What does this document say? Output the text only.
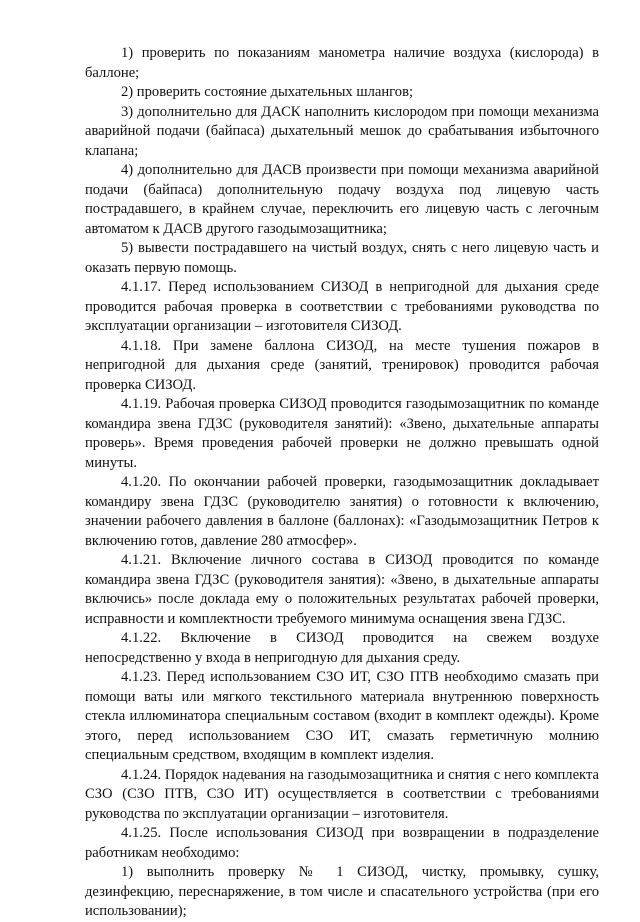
1) проверить по показаниям манометра наличие воздуха (кислорода) в баллоне;

2) проверить состояние дыхательных шлангов;

3) дополнительно для ДАСК наполнить кислородом при помощи механизма аварийной подачи (байпаса) дыхательный мешок до срабатывания избыточного клапана;

4) дополнительно для ДАСВ произвести при помощи механизма аварийной подачи (байпаса) дополнительную подачу воздуха под лицевую часть пострадавшего, в крайнем случае, переключить его лицевую часть с легочным автоматом к ДАСВ другого газодымозащитника;

5) вывести пострадавшего на чистый воздух, снять с него лицевую часть и оказать первую помощь.

4.1.17. Перед использованием СИЗОД в непригодной для дыхания среде проводится рабочая проверка в соответствии с требованиями руководства по эксплуатации организации – изготовителя СИЗОД.

4.1.18. При замене баллона СИЗОД, на месте тушения пожаров в непригодной для дыхания среде (занятий, тренировок) проводится рабочая проверка СИЗОД.

4.1.19. Рабочая проверка СИЗОД проводится газодымозащитник по команде командира звена ГДЗС (руководителя занятий): «Звено, дыхательные аппараты проверь». Время проведения рабочей проверки не должно превышать одной минуты.

4.1.20. По окончании рабочей проверки, газодымозащитник докладывает командиру звена ГДЗС (руководителю занятия) о готовности к включению, значении рабочего давления в баллоне (баллонах): «Газодымозащитник Петров к включению готов, давление 280 атмосфер».

4.1.21. Включение личного состава в СИЗОД проводится по команде командира звена ГДЗС (руководителя занятия): «Звено, в дыхательные аппараты включись» после доклада ему о положительных результатах рабочей проверки, исправности и комплектности требуемого минимума оснащения звена ГДЗС.

4.1.22. Включение в СИЗОД проводится на свежем воздухе непосредственно у входа в непригодную для дыхания среду.

4.1.23. Перед использованием СЗО ИТ, СЗО ПТВ необходимо смазать при помощи ваты или мягкого текстильного материала внутреннюю поверхность стекла иллюминатора специальным составом (входит в комплект одежды). Кроме этого, перед использованием СЗО ИТ, смазать герметичную молнию специальным средством, входящим в комплект изделия.

4.1.24. Порядок надевания на газодымозащитника и снятия с него комплекта СЗО (СЗО ПТВ, СЗО ИТ) осуществляется в соответствии с требованиями руководства по эксплуатации организации – изготовителя.

4.1.25. После использования СИЗОД при возвращении в подразделение работникам необходимо:

1) выполнить проверку № 1 СИЗОД, чистку, промывку, сушку, дезинфекцию, переснаряжение, в том числе и спасательного устройства (при его использовании);
